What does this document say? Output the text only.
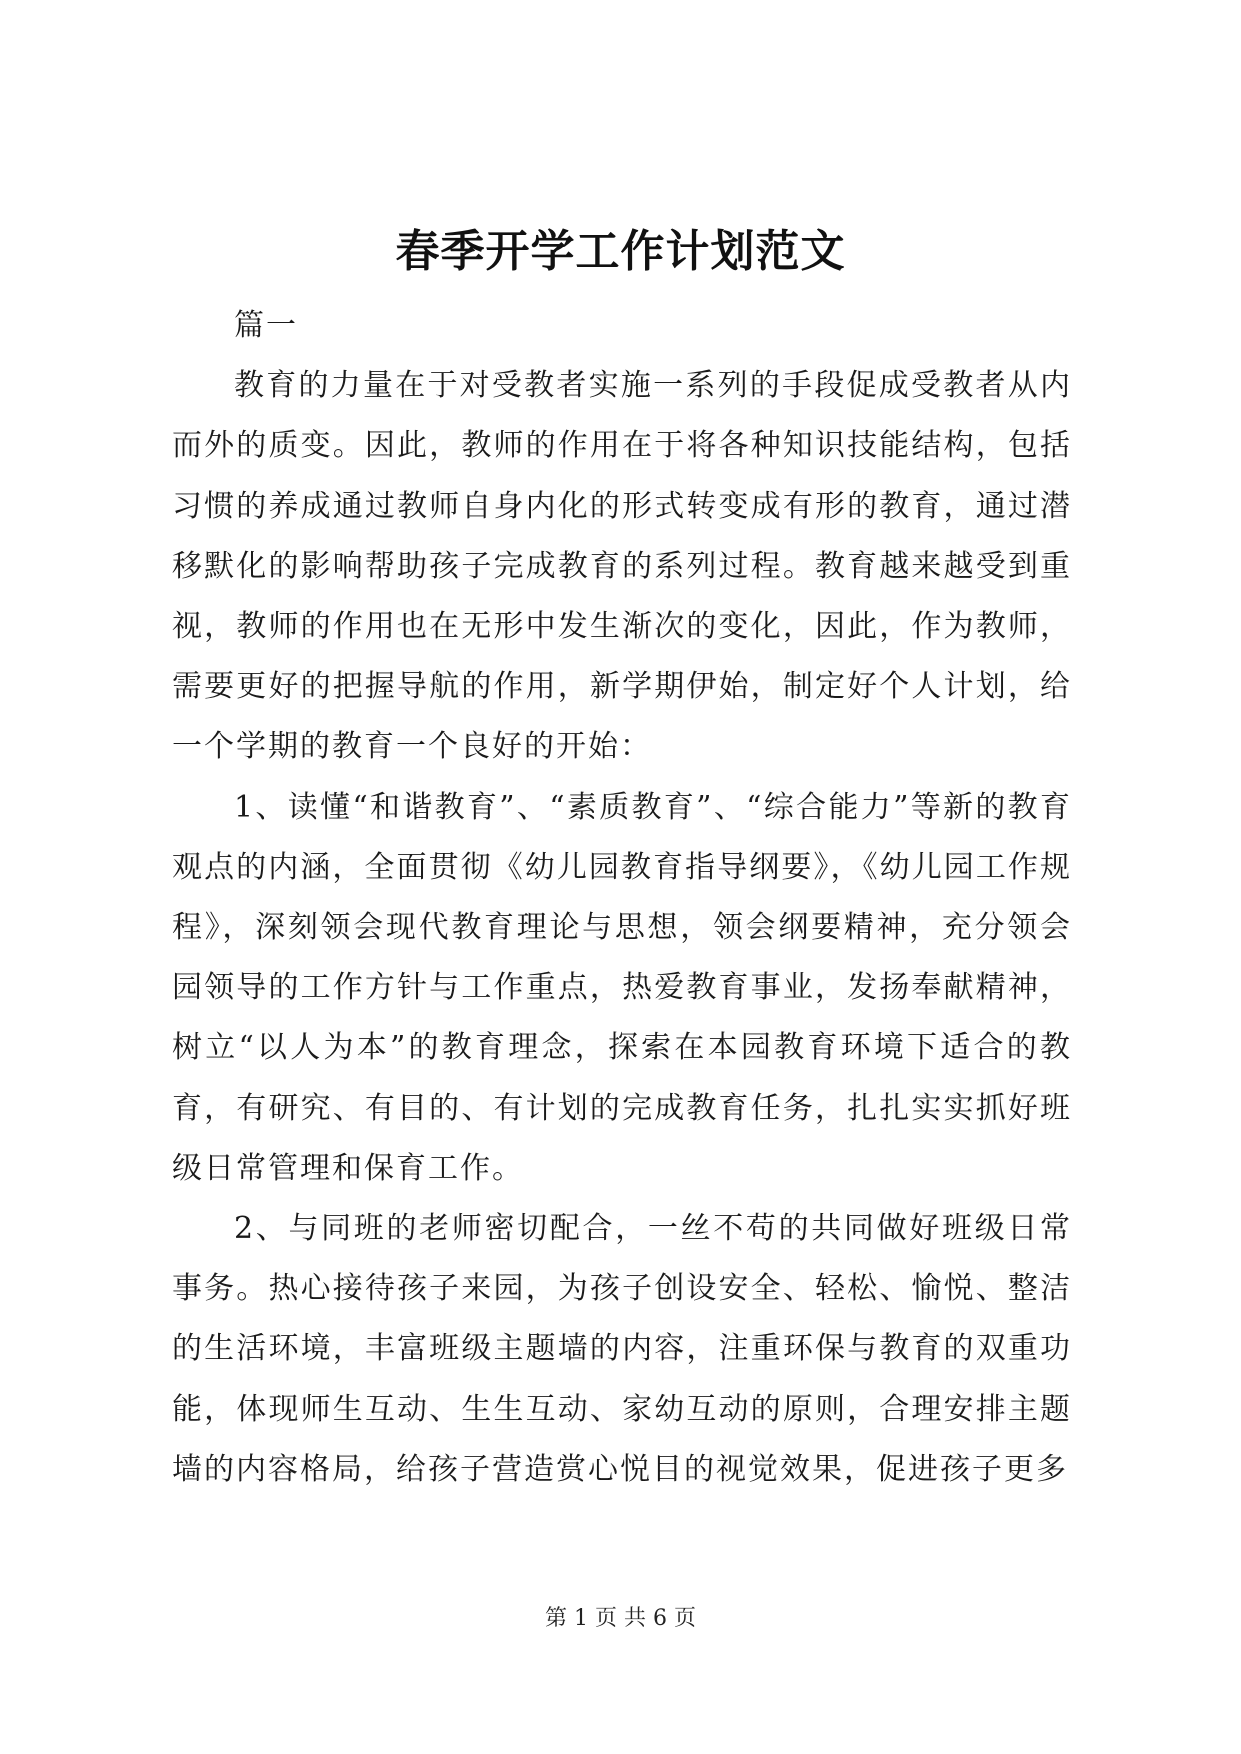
春季开学工作计划范文

篇一

教育的力量在于对受教者实施一系列的手段促成受教者从内而外的质变。因此，教师的作用在于将各种知识技能结构，包括习惯的养成通过教师自身内化的形式转变成有形的教育，通过潜移默化的影响帮助孩子完成教育的系列过程。教育越来越受到重视，教师的作用也在无形中发生渐次的变化，因此，作为教师，需要更好的把握导航的作用，新学期伊始，制定好个人计划，给一个学期的教育一个良好的开始：

1、读懂“和谐教育”、“素质教育”、“综合能力”等新的教育观点的内涵，全面贯彻《幼儿园教育指导纲要》，《幼儿园工作规程》，深刻领会现代教育理论与思想，领会纲要精神，充分领会园领导的工作方针与工作重点，热爱教育事业，发扬奉献精神，树立“以人为本”的教育理念，探索在本园教育环境下适合的教育，有研究、有目的、有计划的完成教育任务，扎扎实实抓好班级日常管理和保育工作。

2、与同班的老师密切配合，一丝不苟的共同做好班级日常事务。热心接待孩子来园，为孩子创设安全、轻松、愉悦、整洁的生活环境，丰富班级主题墙的内容，注重环保与教育的双重功能，体现师生互动、生生互动、家幼互动的原则，合理安排主题墙的内容格局，给孩子营造赏心悦目的视觉效果，促进孩子更多

第 1 页 共 6 页
